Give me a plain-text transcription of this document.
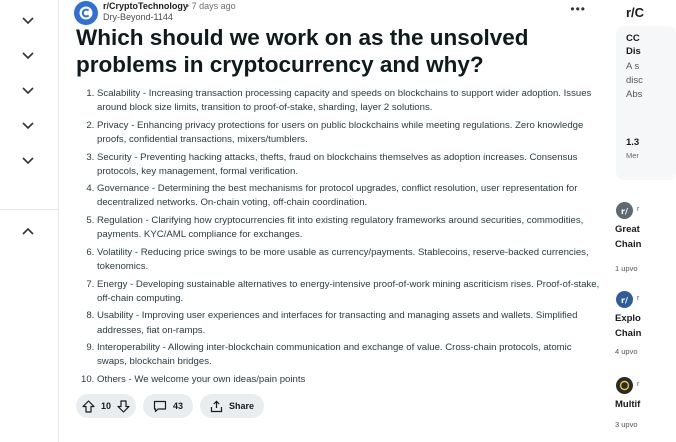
r/CryptoTechnology
• 7 days ago
Dry-Beyond-1144
•••
Which should we work on as the unsolved problems in cryptocurrency and why?
1. Scalability - Increasing transaction processing capacity and speeds on blockchains to support wider adoption. Issues around block size limits, transition to proof-of-stake, sharding, layer 2 solutions.
2. Privacy - Enhancing privacy protections for users on public blockchains while meeting regulations. Zero knowledge proofs, confidential transactions, mixers/tumblers.
3. Security - Preventing hacking attacks, thefts, fraud on blockchains themselves as adoption increases. Consensus protocols, key management, formal verification.
4. Governance - Determining the best mechanisms for protocol upgrades, conflict resolution, user representation for decentralized networks. On-chain voting, off-chain coordination.
5. Regulation - Clarifying how cryptocurrencies fit into existing regulatory frameworks around securities, commodities, payments. KYC/AML compliance for exchanges.
6. Volatility - Reducing price swings to be more usable as currency/payments. Stablecoins, reserve-backed currencies, tokenomics.
7. Energy - Developing sustainable alternatives to energy-intensive proof-of-work mining ascriticism rises. Proof-of-stake, off-chain computing.
8. Usability - Improving user experiences and interfaces for transacting and managing assets and wallets. Simplified addresses, fiat on-ramps.
9. Interoperability - Allowing inter-blockchain communication and exchange of value. Cross-chain protocols, atomic swaps, blockchain bridges.
10. Others - We welcome your own ideas/pain points
10	43	Share
r/C
CC
Dis
A s
disc
Abs
1.3
Mer
r/ r
Great
Chain
1 upvo
r/ r
Explo
Chain
4 upvo
r
Multif
3 upvo
